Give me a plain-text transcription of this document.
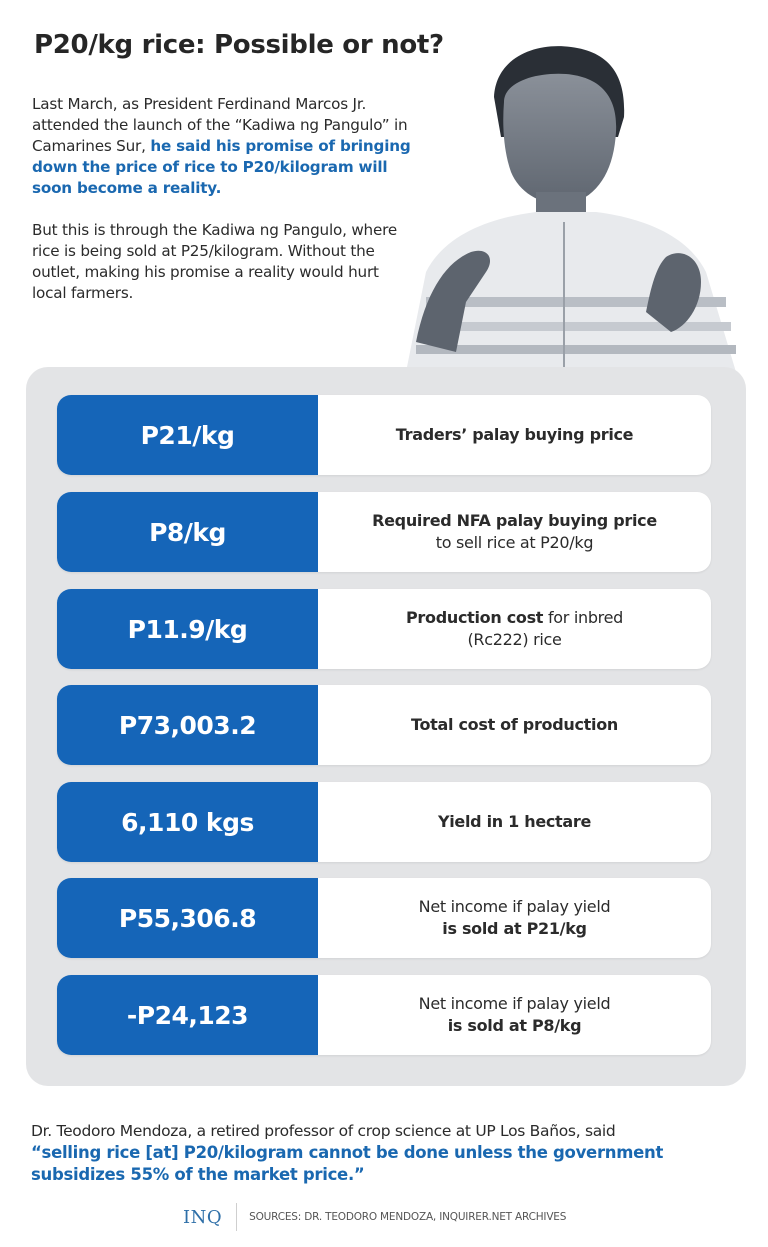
P20/kg rice: Possible or not?

Last March, as President Ferdinand Marcos Jr. attended the launch of the “Kadiwa ng Pangulo” in Camarines Sur, he said his promise of bringing down the price of rice to P20/kilogram will soon become a reality.

But this is through the Kadiwa ng Pangulo, where rice is being sold at P25/kilogram. Without the outlet, making his promise a reality would hurt local farmers.

P21/kg	Traders’ palay buying price
P8/kg	Required NFA palay buying price
to sell rice at P20/kg
P11.9/kg	Production cost for inbred (Rc222) rice
P73,003.2	Total cost of production
6,110 kgs	Yield in 1 hectare
P55,306.8	Net income if palay yield
is sold at P21/kg
-P24,123	Net income if palay yield
is sold at P8/kg

Dr. Teodoro Mendoza, a retired professor of crop science at UP Los Baños, said

“selling rice [at] P20/kilogram cannot be done unless the government subsidizes 55% of the market price.”

INQ	SOURCES: DR. TEODORO MENDOZA, INQUIRER.NET ARCHIVES
